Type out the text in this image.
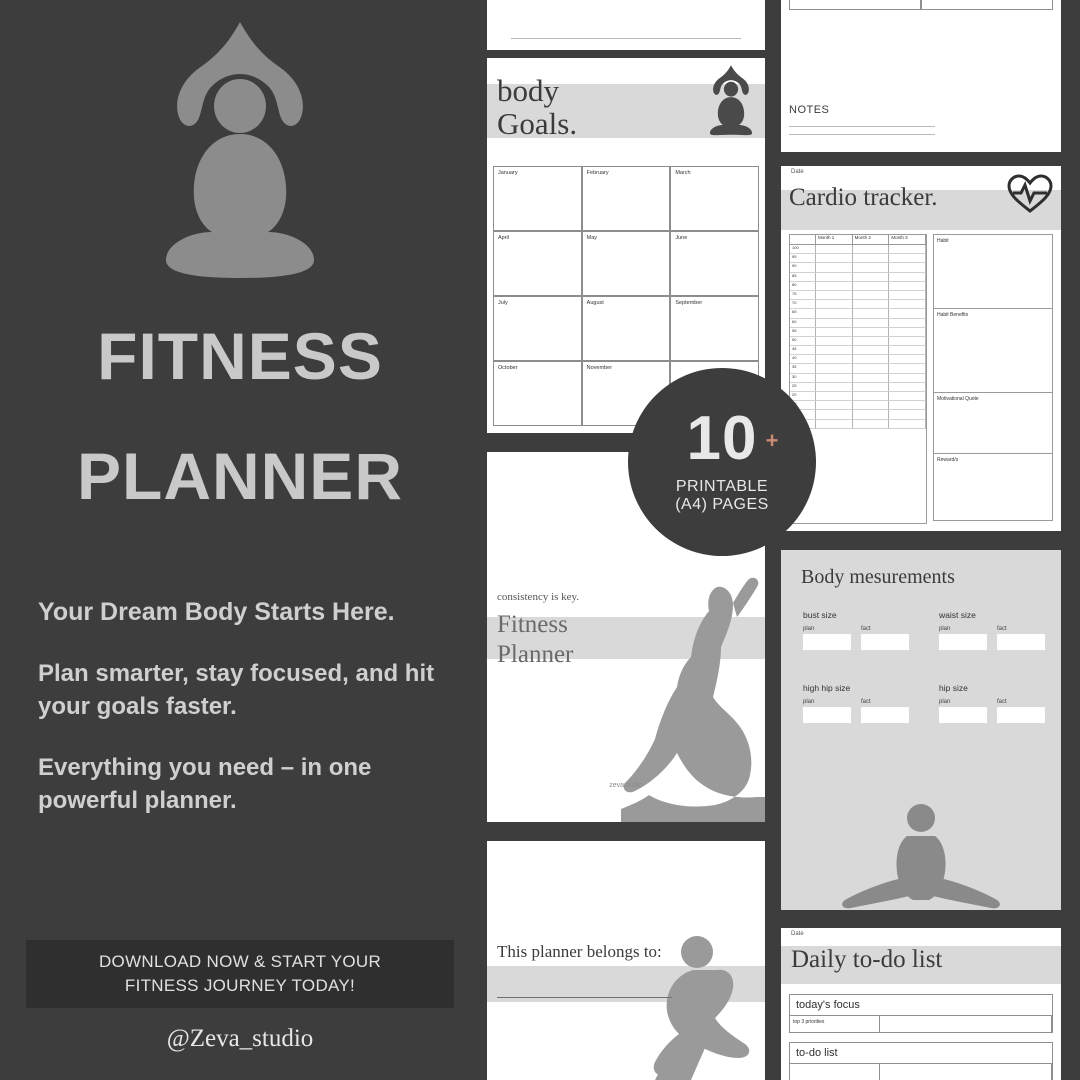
FITNESS
PLANNER

Your Dream Body Starts Here.

Plan smarter, stay focused, and hit your goals faster.

Everything you need – in one powerful planner.

DOWNLOAD NOW & START YOUR
FITNESS JOURNEY TODAY!
@Zeva_studio
body
Goals.
January	February	March
April	May	June
July	August	September
October	November
consistency is key.
Fitness
Planner
zevastudio
This planner belongs to:
NOTES
Date
Cardio tracker.
Month 1	Month 2	Month 3
100
95
90
85
80
75
70
65
60
55
50
45
40
35
30
25
20
Habit
Habit Benefits
Motivational Quote
Reward/s
Body mesurements
bust size
plan	fact
waist size
plan	fact
high hip size
plan	fact
hip size
plan	fact
Date
Daily to-do list
today's focus
top 3 priorities
to-do list
10 +
PRINTABLE
(A4) PAGES
